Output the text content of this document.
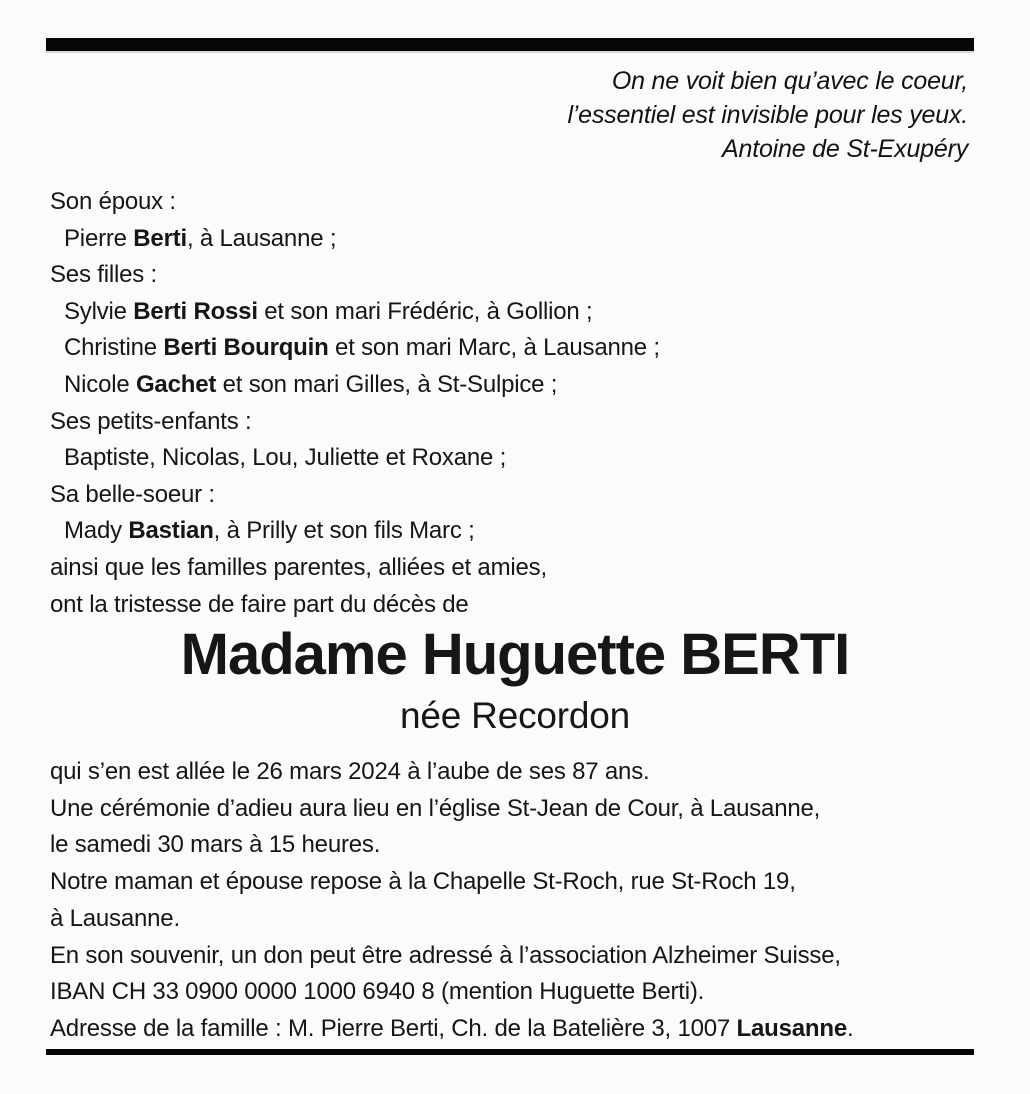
On ne voit bien qu’avec le coeur,
l’essentiel est invisible pour les yeux.
Antoine de St-Exupéry
Son époux :
Pierre Berti, à Lausanne ;
Ses filles :
Sylvie Berti Rossi et son mari Frédéric, à Gollion ;
Christine Berti Bourquin et son mari Marc, à Lausanne ;
Nicole Gachet et son mari Gilles, à St-Sulpice ;
Ses petits-enfants :
Baptiste, Nicolas, Lou, Juliette et Roxane ;
Sa belle-soeur :
Mady Bastian, à Prilly et son fils Marc ;
ainsi que les familles parentes, alliées et amies,
ont la tristesse de faire part du décès de
Madame Huguette BERTI
née Recordon
qui s’en est allée le 26 mars 2024 à l’aube de ses 87 ans.
Une cérémonie d’adieu aura lieu en l’église St-Jean de Cour, à Lausanne,
le samedi 30 mars à 15 heures.
Notre maman et épouse repose à la Chapelle St-Roch, rue St-Roch 19,
à Lausanne.
En son souvenir, un don peut être adressé à l’association Alzheimer Suisse,
IBAN CH 33 0900 0000 1000 6940 8 (mention Huguette Berti).
Adresse de la famille : M. Pierre Berti, Ch. de la Batelière 3, 1007 Lausanne.
